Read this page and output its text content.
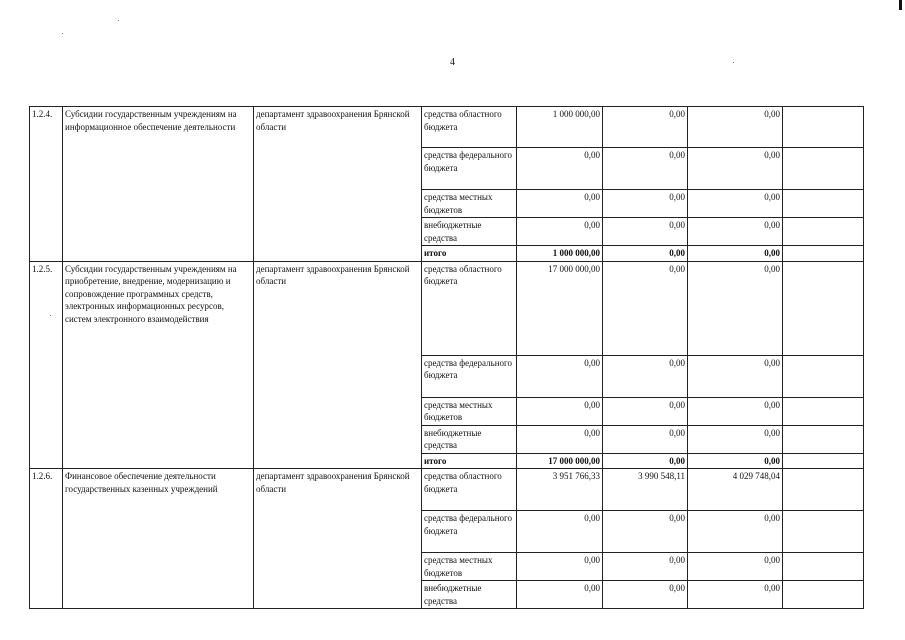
4
1.2.4.	Субсидии государственным учреждениям на информационное обеспечение деятельности	департамент здравоохранения Брянской области	средства областного бюджета	1 000 000,00	0,00	0,00	
			средства федерального бюджета	0,00	0,00	0,00	
			средства местных бюджетов	0,00	0,00	0,00	
			внебюджетные средства	0,00	0,00	0,00	
			итого	1 000 000,00	0,00	0,00	
1.2.5.	Субсидии государственным учреждениям на приобретение, внедрение, модернизацию и сопровождение программных средств, электронных информационных ресурсов, систем электронного взаимодействия	департамент здравоохранения Брянской области	средства областного бюджета	17 000 000,00	0,00	0,00	
			средства федерального бюджета	0,00	0,00	0,00	
			средства местных бюджетов	0,00	0,00	0,00	
			внебюджетные средства	0,00	0,00	0,00	
			итого	17 000 000,00	0,00	0,00	
1.2.6.	Финансовое обеспечение деятельности государственных казенных учреждений	департамент здравоохранения Брянской области	средства областного бюджета	3 951 766,33	3 990 548,11	4 029 748,04	
			средства федерального бюджета	0,00	0,00	0,00	
			средства местных бюджетов	0,00	0,00	0,00	
			внебюджетные средства	0,00	0,00	0,00	
